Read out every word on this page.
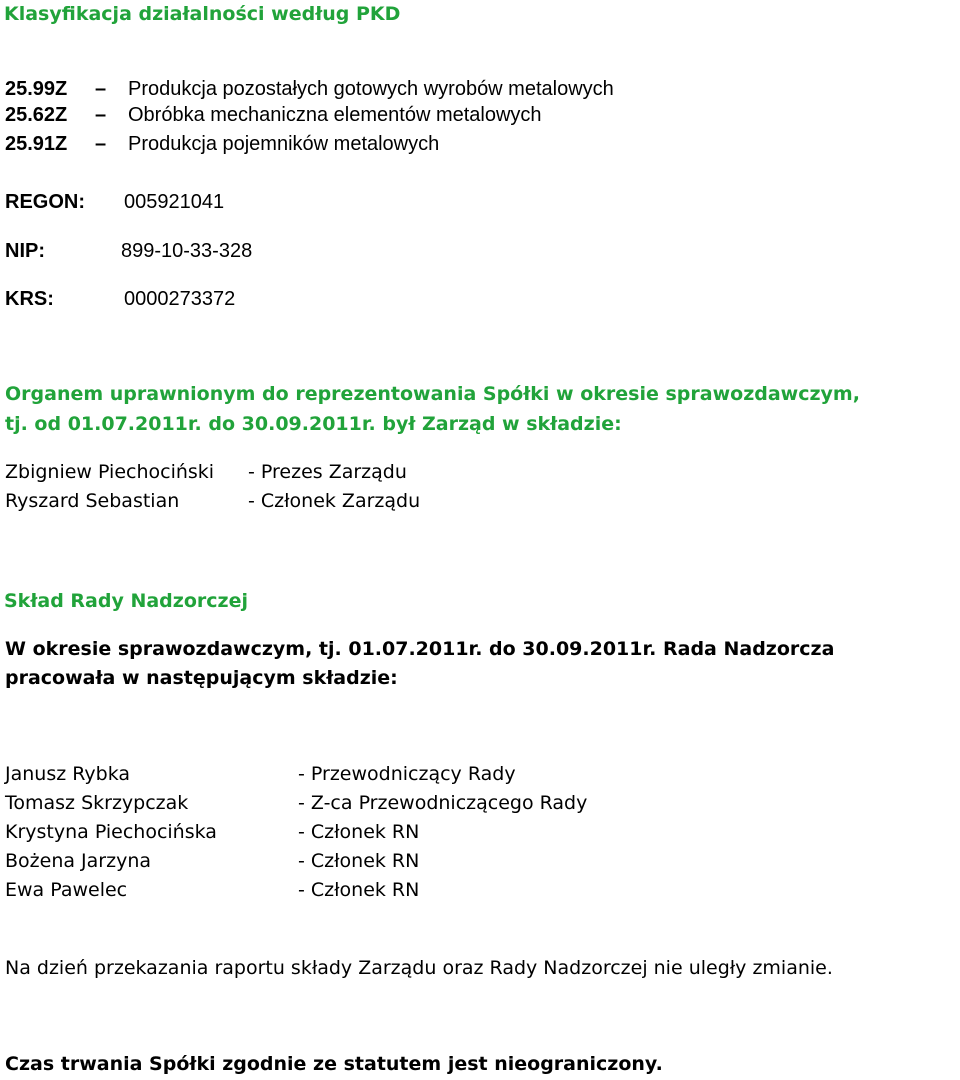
Klasyfikacja działalności według PKD
25.99Z – Produkcja pozostałych gotowych wyrobów metalowych
25.62Z – Obróbka mechaniczna elementów metalowych
25.91Z – Produkcja pojemników metalowych
REGON: 005921041
NIP:	899-10-33-328
KRS:	0000273372
Organem uprawnionym do reprezentowania Spółki w okresie sprawozdawczym,
tj. od 01.07.2011r. do 30.09.2011r. był Zarząd w składzie:
Zbigniew Piechociński - Prezes Zarządu
Ryszard Sebastian	- Członek Zarządu
Skład Rady Nadzorczej
W okresie sprawozdawczym, tj. 01.07.2011r. do 30.09.2011r. Rada Nadzorcza
pracowała w następującym składzie:
Janusz Rybka	- Przewodniczący Rady
Tomasz Skrzypczak	- Z-ca Przewodniczącego Rady
Krystyna Piechocińska	- Członek RN
Bożena Jarzyna	- Członek RN
Ewa Pawelec	- Członek RN
Na dzień przekazania raportu składy Zarządu oraz Rady Nadzorczej nie uległy zmianie.
Czas trwania Spółki zgodnie ze statutem jest nieograniczony.
